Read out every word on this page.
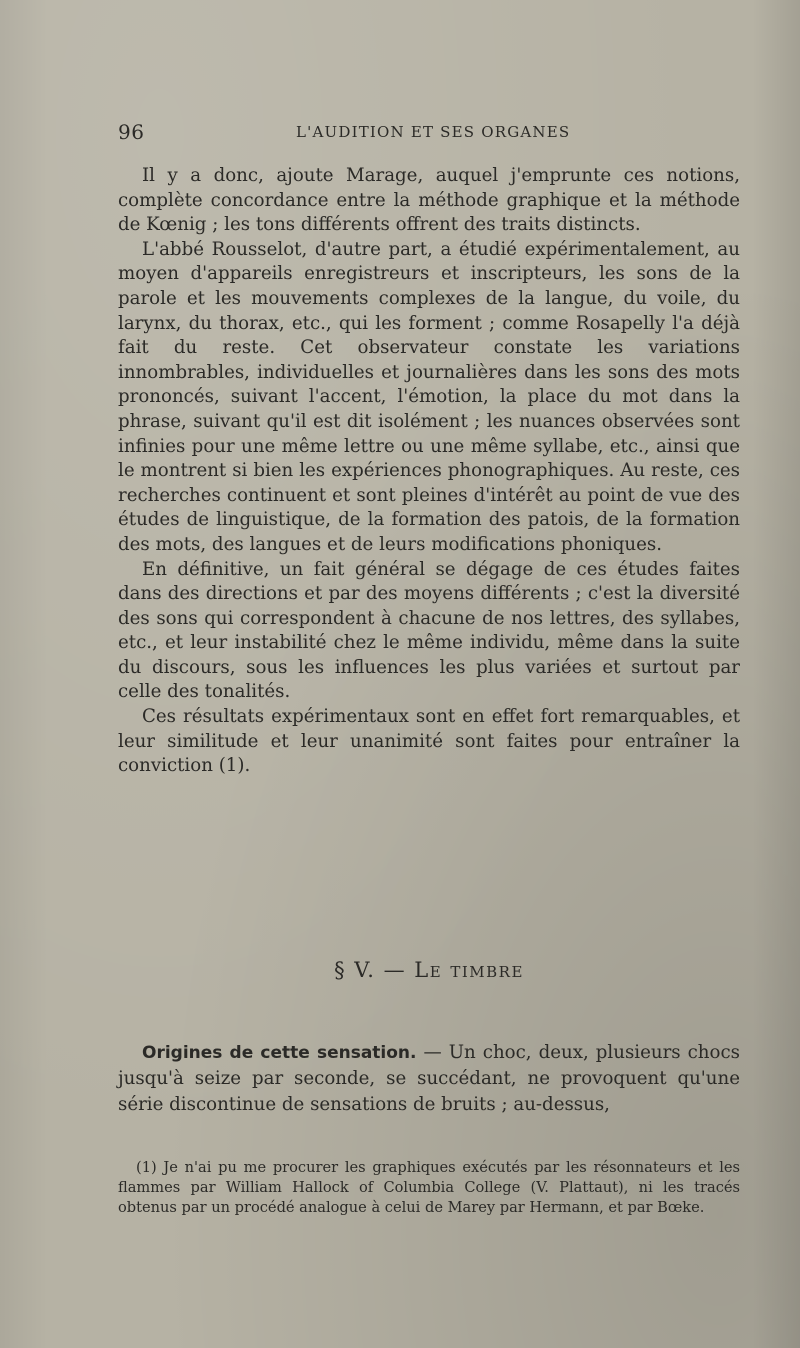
96	L'AUDITION ET SES ORGANES

Il y a donc, ajoute Marage, auquel j'emprunte ces notions, complète concordance entre la méthode graphique et la méthode de Kœnig ; les tons différents offrent des traits distincts.

L'abbé Rousselot, d'autre part, a étudié expérimentalement, au moyen d'appareils enregistreurs et inscripteurs, les sons de la parole et les mouvements complexes de la langue, du voile, du larynx, du thorax, etc., qui les forment ; comme Rosapelly l'a déjà fait du reste. Cet observateur constate les variations innombrables, individuelles et journalières dans les sons des mots prononcés, suivant l'accent, l'émotion, la place du mot dans la phrase, suivant qu'il est dit isolément ; les nuances observées sont infinies pour une même lettre ou une même syllabe, etc., ainsi que le montrent si bien les expériences phonographiques. Au reste, ces recherches continuent et sont pleines d'intérêt au point de vue des études de linguistique, de la formation des patois, de la formation des mots, des langues et de leurs modifications phoniques.

En définitive, un fait général se dégage de ces études faites dans des directions et par des moyens différents ; c'est la diversité des sons qui correspondent à chacune de nos lettres, des syllabes, etc., et leur instabilité chez le même individu, même dans la suite du discours, sous les influences les plus variées et surtout par celle des tonalités.

Ces résultats expérimentaux sont en effet fort remarquables, et leur similitude et leur unanimité sont faites pour entraîner la conviction (1).

§ V. — Le timbre

Origines de cette sensation. — Un choc, deux, plusieurs chocs jusqu'à seize par seconde, se succédant, ne provoquent qu'une série discontinue de sensations de bruits ; au-dessus,

(1) Je n'ai pu me procurer les graphiques exécutés par les résonnateurs et les flammes par William Hallock of Columbia College (V. Plattaut), ni les tracés obtenus par un procédé analogue à celui de Marey par Hermann, et par Bœke.
